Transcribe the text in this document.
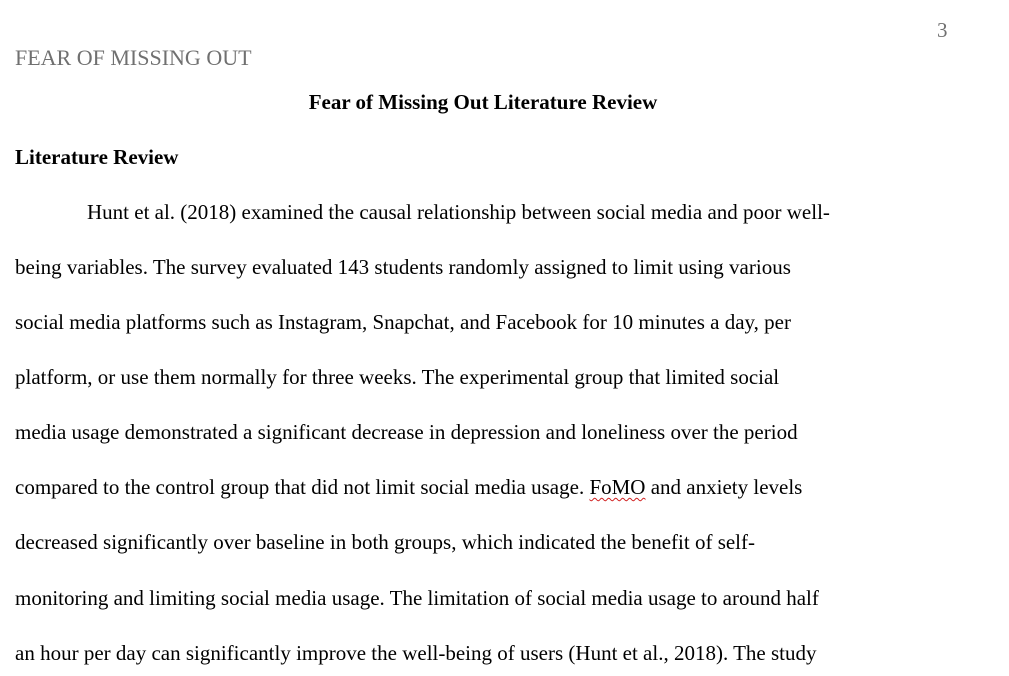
3
FEAR OF MISSING OUT
Fear of Missing Out Literature Review
Literature Review
Hunt et al. (2018) examined the causal relationship between social media and poor well-
being variables. The survey evaluated 143 students randomly assigned to limit using various
social media platforms such as Instagram, Snapchat, and Facebook for 10 minutes a day, per
platform, or use them normally for three weeks. The experimental group that limited social
media usage demonstrated a significant decrease in depression and loneliness over the period
compared to the control group that did not limit social media usage. FoMO and anxiety levels
decreased significantly over baseline in both groups, which indicated the benefit of self-
monitoring and limiting social media usage. The limitation of social media usage to around half
an hour per day can significantly improve the well-being of users (Hunt et al., 2018). The study
